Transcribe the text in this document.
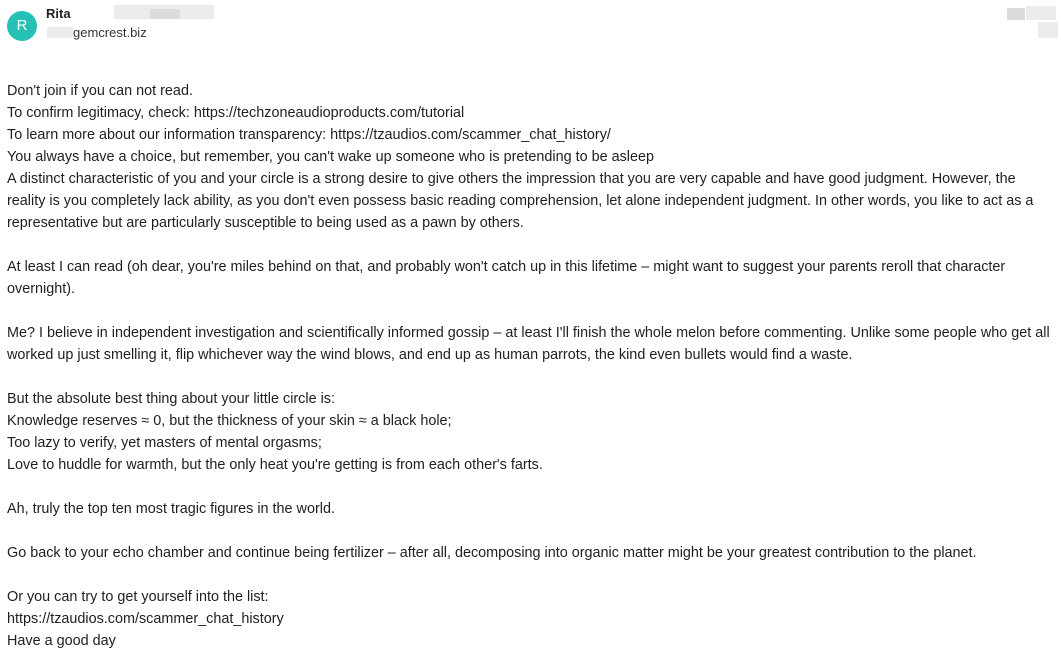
R
Rita
gemcrest.biz
Don't join if you can not read.
To confirm legitimacy, check: https://techzoneaudioproducts.com/tutorial
To learn more about our information transparency: https://tzaudios.com/scammer_chat_history/
You always have a choice, but remember, you can't wake up someone who is pretending to be asleep
A distinct characteristic of you and your circle is a strong desire to give others the impression that you are very capable and have good judgment. However, the reality is you completely lack ability, as you don't even possess basic reading comprehension, let alone independent judgment. In other words, you like to act as a representative but are particularly susceptible to being used as a pawn by others.
At least I can read (oh dear, you're miles behind on that, and probably won't catch up in this lifetime – might want to suggest your parents reroll that character overnight).
Me? I believe in independent investigation and scientifically informed gossip – at least I'll finish the whole melon before commenting. Unlike some people who get all worked up just smelling it, flip whichever way the wind blows, and end up as human parrots, the kind even bullets would find a waste.
But the absolute best thing about your little circle is:
Knowledge reserves ≈ 0, but the thickness of your skin ≈ a black hole;
Too lazy to verify, yet masters of mental orgasms;
Love to huddle for warmth, but the only heat you're getting is from each other's farts.
Ah, truly the top ten most tragic figures in the world.
Go back to your echo chamber and continue being fertilizer – after all, decomposing into organic matter might be your greatest contribution to the planet.
Or you can try to get yourself into the list:
https://tzaudios.com/scammer_chat_history
Have a good day
